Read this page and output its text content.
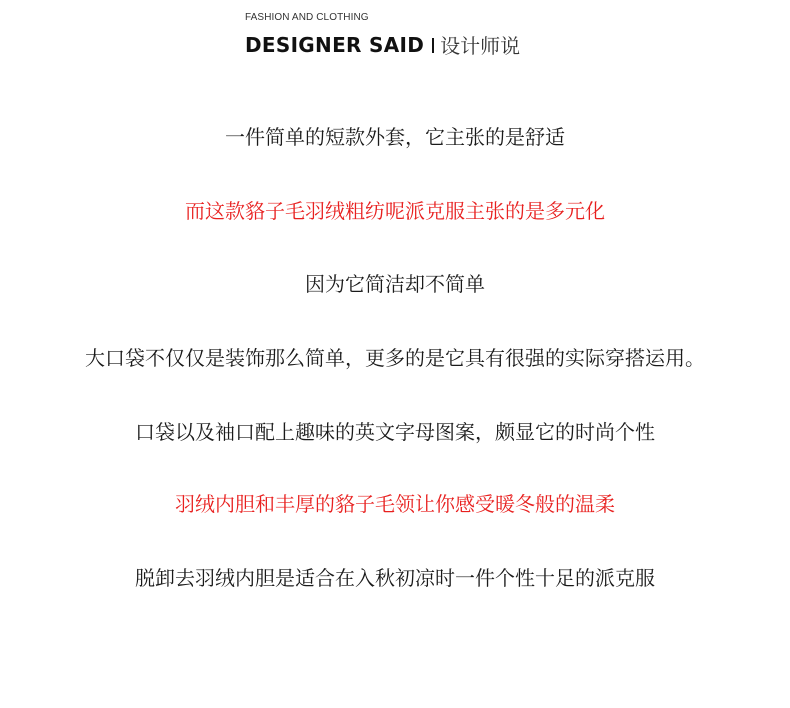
FASHION AND CLOTHING
DESIGNER SAID 设计师说
一件简单的短款外套，它主张的是舒适
而这款貉子毛羽绒粗纺呢派克服主张的是多元化
因为它简洁却不简单
大口袋不仅仅是装饰那么简单，更多的是它具有很强的实际穿搭运用。
口袋以及袖口配上趣味的英文字母图案，颇显它的时尚个性
羽绒内胆和丰厚的貉子毛领让你感受暖冬般的温柔
脱卸去羽绒内胆是适合在入秋初凉时一件个性十足的派克服
